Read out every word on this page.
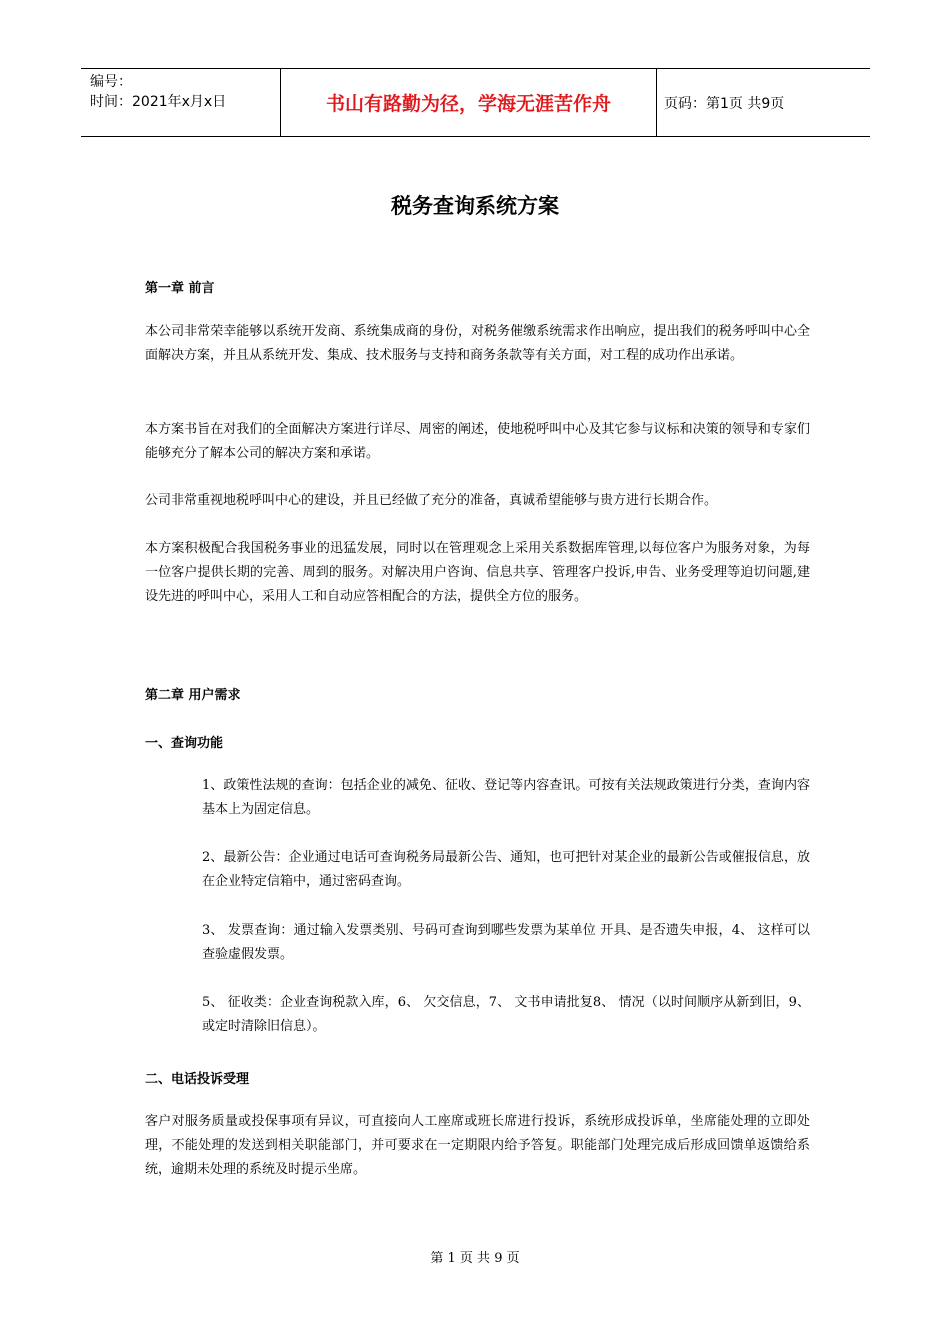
编号：
时间：2021年x月x日	书山有路勤为径，学海无涯苦作舟	页码：第1页 共9页
税务查询系统方案
第一章 前言
本公司非常荣幸能够以系统开发商、系统集成商的身份，对税务催缴系统需求作出响应，提出我们的税务呼叫中心全面解决方案，并且从系统开发、集成、技术服务与支持和商务条款等有关方面，对工程的成功作出承诺。
本方案书旨在对我们的全面解决方案进行详尽、周密的阐述，使地税呼叫中心及其它参与议标和决策的领导和专家们能够充分了解本公司的解决方案和承诺。
公司非常重视地税呼叫中心的建设，并且已经做了充分的准备，真诚希望能够与贵方进行长期合作。
本方案积极配合我国税务事业的迅猛发展，同时以在管理观念上采用关系数据库管理,以每位客户为服务对象，为每一位客户提供长期的完善、周到的服务。对解决用户咨询、信息共享、管理客户投诉,申告、业务受理等迫切问题,建设先进的呼叫中心，采用人工和自动应答相配合的方法，提供全方位的服务。
第二章 用户需求
一、查询功能
1、政策性法规的查询：包括企业的减免、征收、登记等内容查讯。可按有关法规政策进行分类，查询内容基本上为固定信息。
2、最新公告：企业通过电话可查询税务局最新公告、通知，也可把针对某企业的最新公告或催报信息，放在企业特定信箱中，通过密码查询。
3、 发票查询：通过输入发票类别、号码可查询到哪些发票为某单位 开具、是否遗失申报，4、 这样可以查验虚假发票。
5、 征收类：企业查询税款入库，6、 欠交信息，7、 文书申请批复8、 情况（以时间顺序从新到旧，9、 或定时清除旧信息）。
二、电话投诉受理
客户对服务质量或投保事项有异议，可直接向人工座席或班长席进行投诉，系统形成投诉单，坐席能处理的立即处理，不能处理的发送到相关职能部门，并可要求在一定期限内给予答复。职能部门处理完成后形成回馈单返馈给系统，逾期未处理的系统及时提示坐席。
第 1 页 共 9 页
